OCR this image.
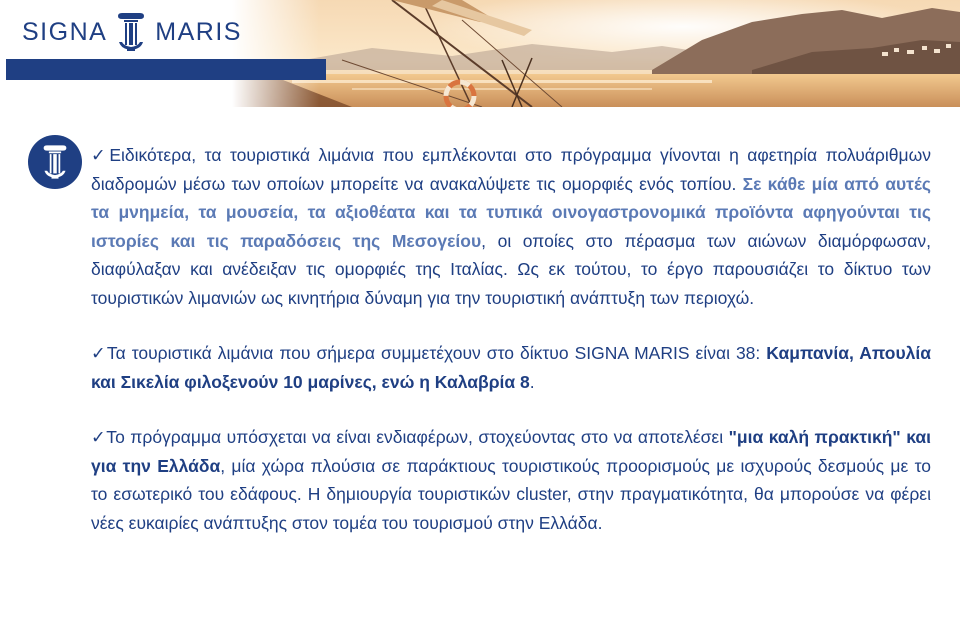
SIGNA MARIS

✓Ειδικότερα, τα τουριστικά λιμάνια που εμπλέκονται στο πρόγραμμα γίνονται η αφετηρία πολυάριθμων διαδρομών μέσω των οποίων μπορείτε να ανακαλύψετε τις ομορφιές ενός τοπίου. Σε κάθε μία από αυτές τα μνημεία, τα μουσεία, τα αξιοθέατα και τα τυπικά οινογαστρονομικά προϊόντα αφηγούνται τις ιστορίες και τις παραδόσεις της Μεσογείου, οι οποίες στο πέρασμα των αιώνων διαμόρφωσαν, διαφύλαξαν και ανέδειξαν τις ομορφιές της Ιταλίας. Ως εκ τούτου, το έργο παρουσιάζει το δίκτυο των τουριστικών λιμανιών ως κινητήρια δύναμη για την τουριστική ανάπτυξη των περιοχώ.

✓Τα τουριστικά λιμάνια που σήμερα συμμετέχουν στο δίκτυο SIGNA MARIS είναι 38: Καμπανία, Απουλία και Σικελία φιλοξενούν 10 μαρίνες, ενώ η Καλαβρία 8.

✓Το πρόγραμμα υπόσχεται να είναι ενδιαφέρων, στοχεύοντας στο να αποτελέσει "μια καλή πρακτική" και για την Ελλάδα, μία χώρα πλούσια σε παράκτιους τουριστικούς προορισμούς με ισχυρούς δεσμούς με το το εσωτερικό του εδάφους. Η δημιουργία τουριστικών cluster, στην πραγματικότητα, θα μπορούσε να φέρει νέες ευκαιρίες ανάπτυξης στον τομέα του τουρισμού στην Ελλάδα.
